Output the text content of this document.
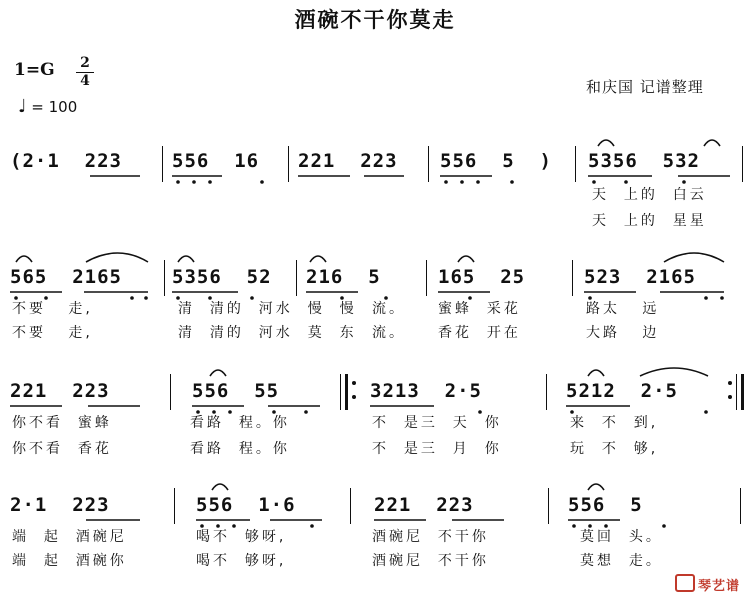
酒碗不干你莫走
1=G 2
4
♩ = 100
和庆国 记谱整理
(2·1  223	556  16 221  223 556  5  ) 5356  532
天  上的  白云
天  上的  星星
565  2165	5356  52 216  5	165  25	523  2165
不要   走,	清  清的  河水  慢  慢 流。 蜜蜂  采花	路太   远
不要   走,	清  清的  河水  莫  东 流。 香花  开在	大路   边
221  223	556  55	3213  2·5	5212  2·5
你不看  蜜蜂	看路  程。你	不  是三  天  你	来  不  到,
你不看  香花	看路  程。你	不  是三  月  你	玩  不  够,
2·1  223	556  1·6	221  223	556  5
端  起  酒碗尼	喝不  够呀,	酒碗尼  不干你	莫回  头。
端  起  酒碗你	喝不  够呀,	酒碗尼  不干你	莫想  走。
琴艺谱
